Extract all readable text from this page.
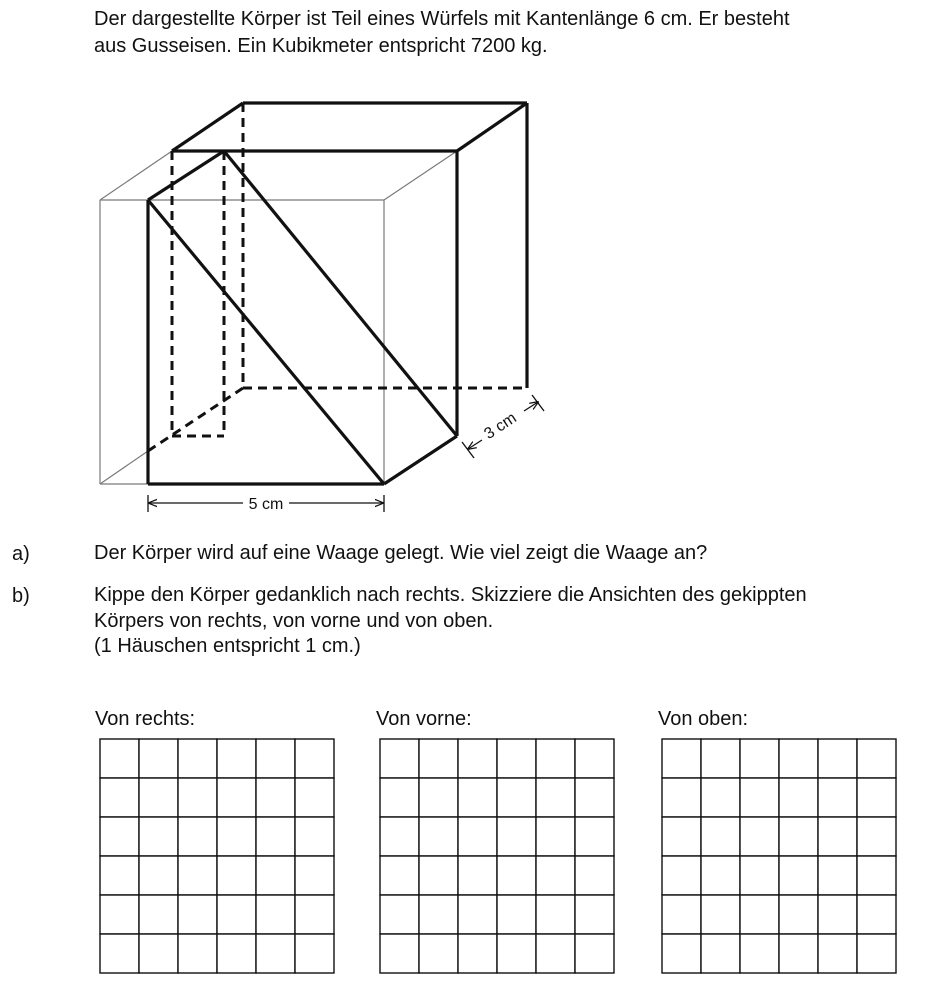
Der dargestellte Körper ist Teil eines Würfels mit Kantenlänge 6 cm. Er besteht
aus Gusseisen. Ein Kubikmeter entspricht 7200 kg.

5 cm
3 cm
a)	Der Körper wird auf eine Waage gelegt. Wie viel zeigt die Waage an?

b)	Kippe den Körper gedanklich nach rechts. Skizziere die Ansichten des gekippten
Körpers von rechts, von vorne und von oben.
(1 Häuschen entspricht 1 cm.)

Von rechts:	Von vorne:	Von oben:
